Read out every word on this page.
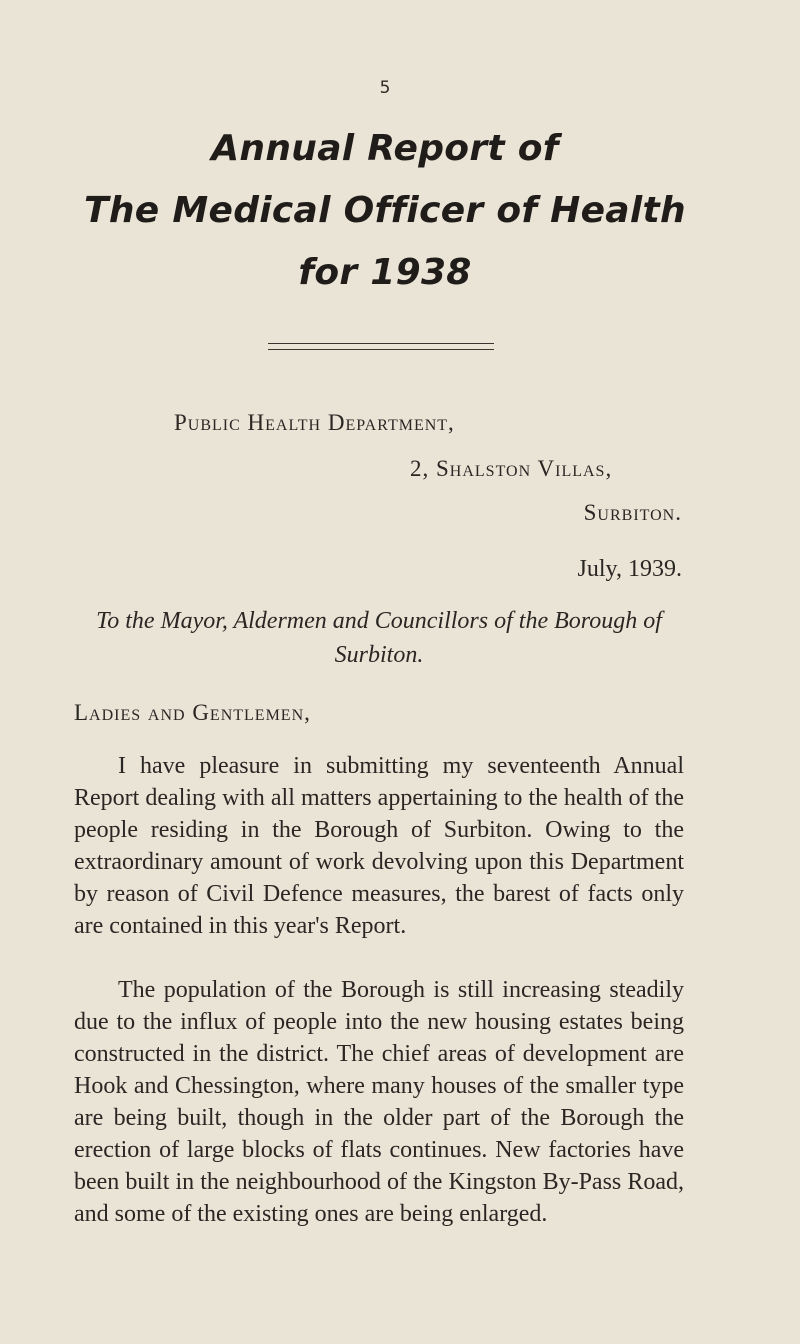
5
Annual Report of
The Medical Officer of Health
for 1938
Public Health Department,
2, Shalston Villas,
Surbiton.
July, 1939.
To the Mayor, Aldermen and Councillors of the Borough of Surbiton.
Ladies and Gentlemen,

I have pleasure in submitting my seventeenth Annual Report dealing with all matters appertaining to the health of the people residing in the Borough of Surbiton. Owing to the extraordinary amount of work devolving upon this Department by reason of Civil Defence measures, the barest of facts only are contained in this year's Report.

The population of the Borough is still increasing steadily due to the influx of people into the new housing estates being constructed in the district. The chief areas of development are Hook and Chessington, where many houses of the smaller type are being built, though in the older part of the Borough the erection of large blocks of flats continues. New factories have been built in the neighbourhood of the Kingston By-Pass Road, and some of the existing ones are being enlarged.
